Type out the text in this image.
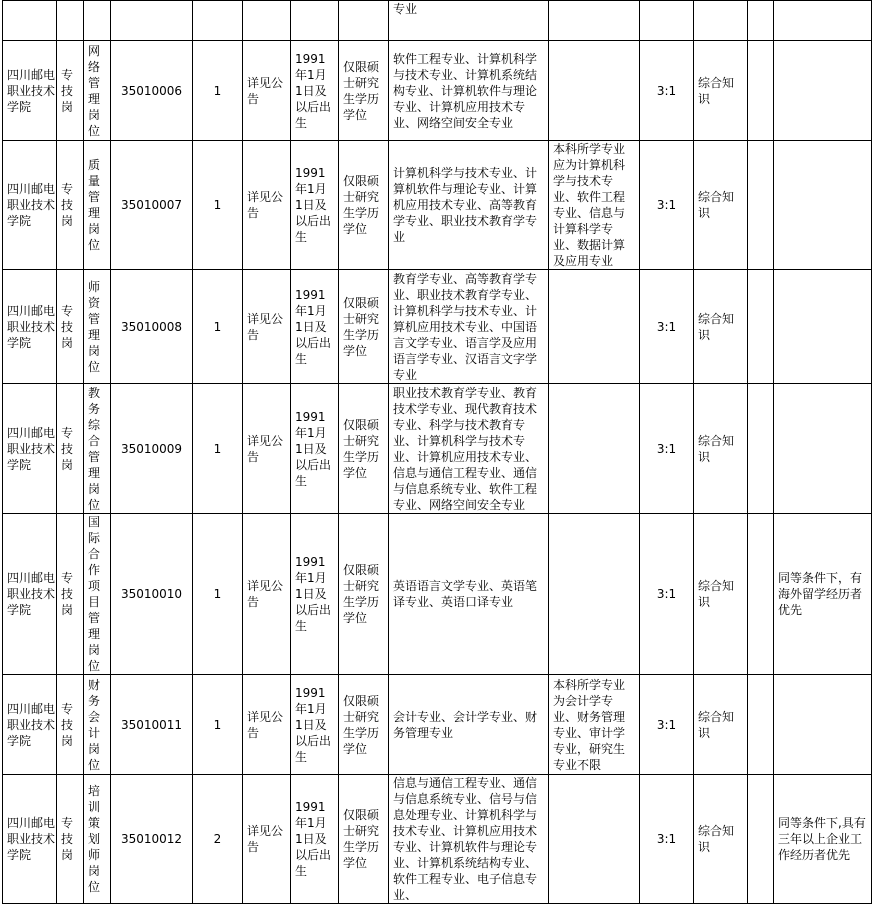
								专业					

四川邮电职业技术学院	专技岗	网络管理岗位	35010006	1	详见公告	1991年1月1日及以后出生	仅限硕士研究生学历学位	软件工程专业、计算机科学与技术专业、计算机系统结构专业、计算机软件与理论专业、计算机应用技术专业、网络空间安全专业		3:1	综合知识		

四川邮电职业技术学院	专技岗	质量管理岗位	35010007	1	详见公告	1991年1月1日及以后出生	仅限硕士研究生学历学位	计算机科学与技术专业、计算机软件与理论专业、计算机应用技术专业、高等教育学专业、职业技术教育学专业	本科所学专业应为计算机科学与技术专业、软件工程专业、信息与计算科学专业、数据计算及应用专业	3:1	综合知识		

四川邮电职业技术学院	专技岗	师资管理岗位	35010008	1	详见公告	1991年1月1日及以后出生	仅限硕士研究生学历学位	教育学专业、高等教育学专业、职业技术教育学专业、计算机科学与技术专业、计算机应用技术专业、中国语言文学专业、语言学及应用语言学专业、汉语言文字学专业		3:1	综合知识		

四川邮电职业技术学院	专技岗	教务综合管理岗位	35010009	1	详见公告	1991年1月1日及以后出生	仅限硕士研究生学历学位	职业技术教育学专业、教育技术学专业、现代教育技术专业、科学与技术教育专业、计算机科学与技术专业、计算机应用技术专业、信息与通信工程专业、通信与信息系统专业、软件工程专业、网络空间安全专业		3:1	综合知识		

四川邮电职业技术学院	专技岗	国际合作项目管理岗位	35010010	1	详见公告	1991年1月1日及以后出生	仅限硕士研究生学历学位	英语语言文学专业、英语笔译专业、英语口译专业		3:1	综合知识		同等条件下，有海外留学经历者优先

四川邮电职业技术学院	专技岗	财务会计岗位	35010011	1	详见公告	1991年1月1日及以后出生	仅限硕士研究生学历学位	会计专业、会计学专业、财务管理专业	本科所学专业为会计学专业、财务管理专业、审计学专业，研究生专业不限	3:1	综合知识		

四川邮电职业技术学院	专技岗	培训策划师岗位	35010012	2	详见公告	1991年1月1日及以后出生	仅限硕士研究生学历学位	信息与通信工程专业、通信与信息系统专业、信号与信息处理专业、计算机科学与技术专业、计算机应用技术专业、计算机软件与理论专业、计算机系统结构专业、软件工程专业、电子信息专业、		3:1	综合知识		同等条件下,具有三年以上企业工作经历者优先
